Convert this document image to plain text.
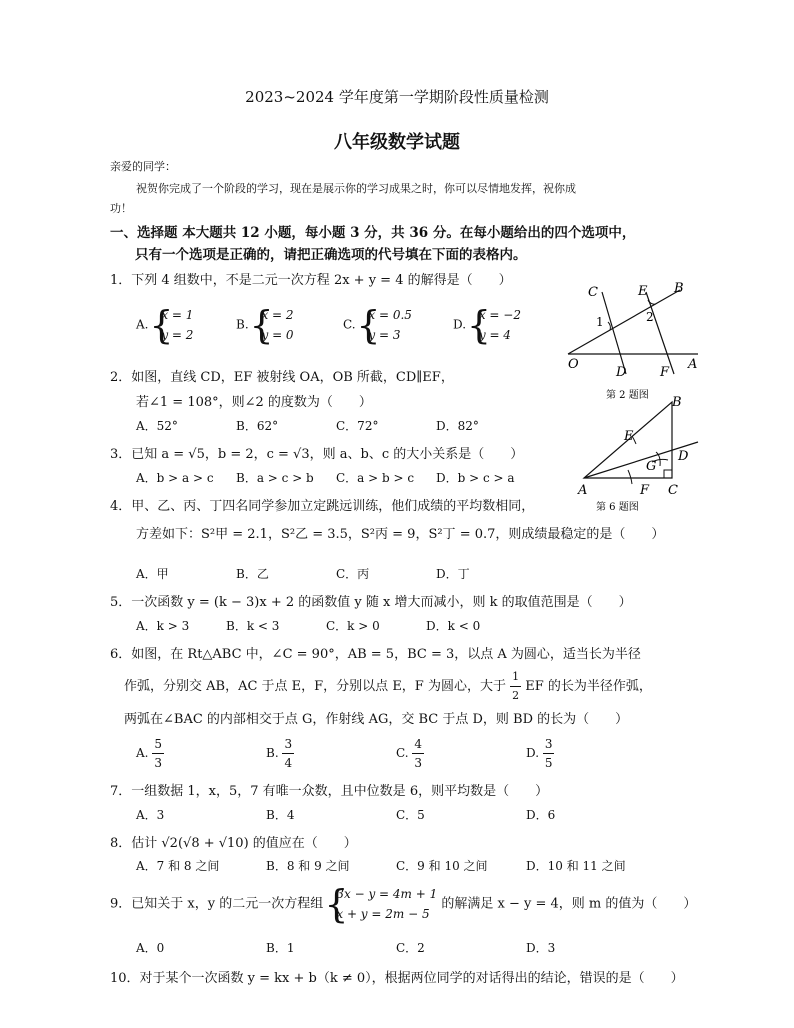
2023~2024 学年度第一学期阶段性质量检测
八年级数学试题
亲爱的同学：
祝贺你完成了一个阶段的学习，现在是展示你的学习成果之时，你可以尽情地发挥，祝你成
功！
一、选择题 本大题共 12 小题，每小题 3 分，共 36 分。在每小题给出的四个选项中，
只有一个选项是正确的，请把正确选项的代号填在下面的表格内。
1．下列 4 组数中，不是二元一次方程 2x + y = 4 的解得是（　　）
A.
{ x = 1
y = 2
B.
{ x = 2
y = 0
C.
{ x = 0.5
y = 3
D.
{ x = −2
y = 4
C	E B
1	2
O
D	F
A
第 2 题图
2．如图，直线 CD，EF 被射线 OA，OB 所截，CD∥EF，
若∠1 = 108°，则∠2 的度数为（　　）
A．52°	B．62°	C．72°	D．82°
B
E
D
G
A	F C
第 6 题图
3．已知 a = √5，b = 2，c = √3，则 a、b、c 的大小关系是（　　）
A．b > a > c B．a > c > b C．a > b > c D．b > c > a
4．甲、乙、丙、丁四名同学参加立定跳远训练，他们成绩的平均数相同，
方差如下：S²甲 = 2.1，S²乙 = 3.5，S²丙 = 9，S²丁 = 0.7，则成绩最稳定的是（　　）
A．甲	B．乙	C．丙	D．丁
5．一次函数 y = (k − 3)x + 2 的函数值 y 随 x 增大而减小，则 k 的取值范围是（　　）
A．k > 3	B．k < 3	C．k > 0	D．k < 0
6．如图，在 Rt△ABC 中，∠C = 90°，AB = 5，BC = 3，以点 A 为圆心，适当长为半径
作弧，分别交 AB，AC 于点 E，F，分别以点 E，F 为圆心，大于 $\frac{1}{2}$ EF 的长为半径作弧，
两弧在∠BAC 的内部相交于点 G，作射线 AG，交 BC 于点 D，则 BD 的长为（　　）
A. $\frac{5}{3}$	B. $\frac{3}{4}$	C. $\frac{4}{3}$	D. $\frac{3}{5}$
7．一组数据 1，x，5，7 有唯一众数，且中位数是 6，则平均数是（　　）
A．3	B．4	C．5	D．6
8．估计 √2(√8 + √10) 的值应在（　　）
A．7 和 8 之间	B．8 和 9 之间	C．9 和 10 之间	D．10 和 11 之间
9．已知关于 x，y 的二元一次方程组
{ 3x − y = 4m + 1
x + y = 2m − 5
的解满足 x − y = 4，则 m 的值为（　　）
A．0	B．1	C．2	D．3
10．对于某个一次函数 y = kx + b（k ≠ 0），根据两位同学的对话得出的结论，错误的是（　　）
